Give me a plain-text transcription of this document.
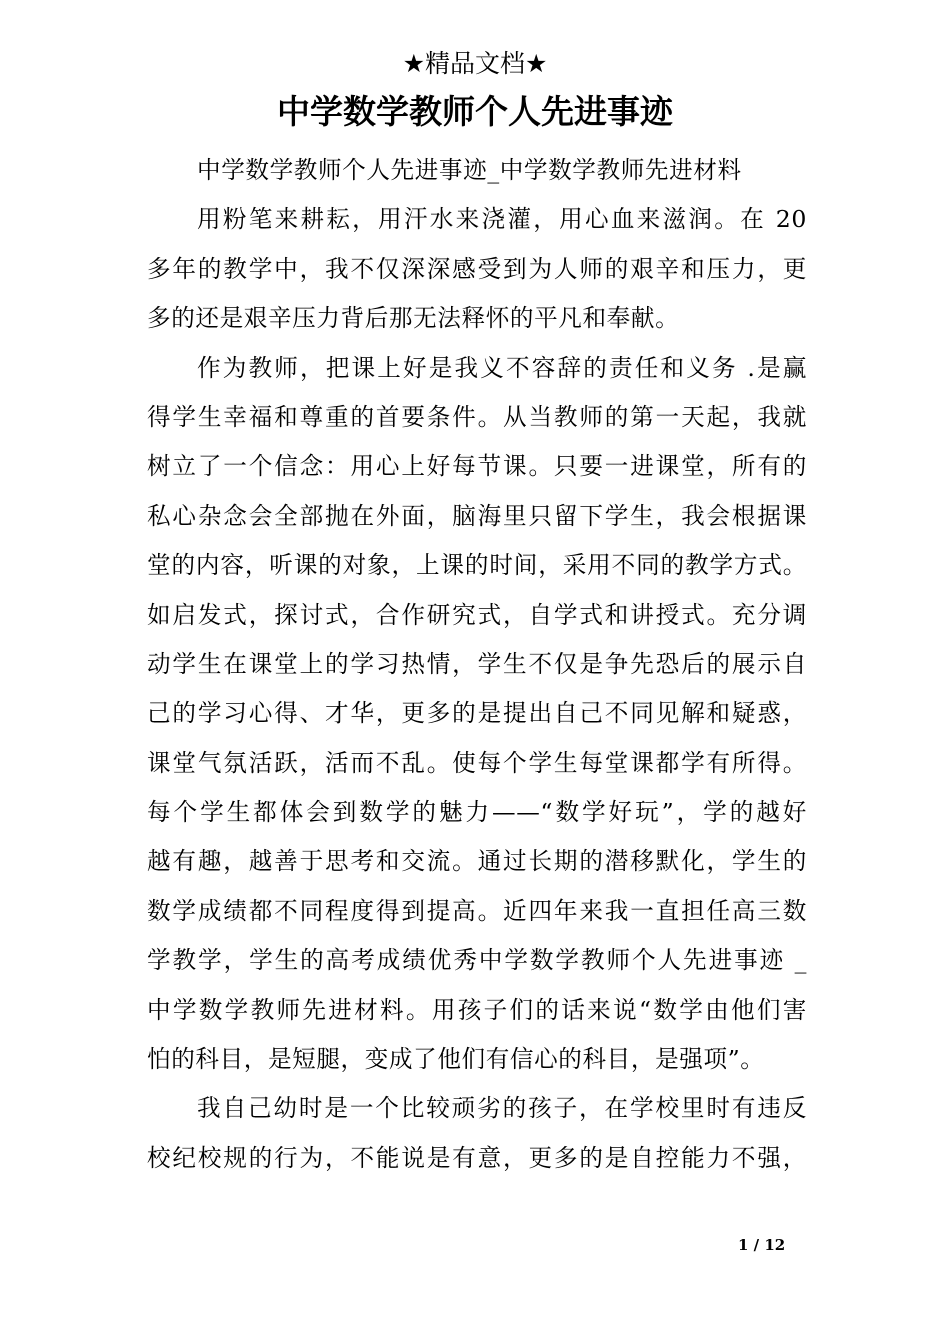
★精品文档★
中学数学教师个人先进事迹
中学数学教师个人先进事迹_中学数学教师先进材料
用粉笔来耕耘，用汗水来浇灌，用心血来滋润。在 20
多年的教学中，我不仅深深感受到为人师的艰辛和压力，更
多的还是艰辛压力背后那无法释怀的平凡和奉献。
作为教师，把课上好是我义不容辞的责任和义务 .是赢
得学生幸福和尊重的首要条件。从当教师的第一天起，我就
树立了一个信念：用心上好每节课。只要一进课堂，所有的
私心杂念会全部抛在外面，脑海里只留下学生，我会根据课
堂的内容，听课的对象，上课的时间，采用不同的教学方式。
如启发式，探讨式，合作研究式，自学式和讲授式。充分调
动学生在课堂上的学习热情，学生不仅是争先恐后的展示自
己的学习心得、才华，更多的是提出自己不同见解和疑惑，
课堂气氛活跃，活而不乱。使每个学生每堂课都学有所得。
每个学生都体会到数学的魅力——“数学好玩”，学的越好
越有趣，越善于思考和交流。通过长期的潜移默化，学生的
数学成绩都不同程度得到提高。近四年来我一直担任高三数
学教学，学生的高考成绩优秀中学数学教师个人先进事迹 _
中学数学教师先进材料。用孩子们的话来说“数学由他们害
怕的科目，是短腿，变成了他们有信心的科目，是强项”。
我自己幼时是一个比较顽劣的孩子，在学校里时有违反
校纪校规的行为，不能说是有意，更多的是自控能力不强，
1 / 12
